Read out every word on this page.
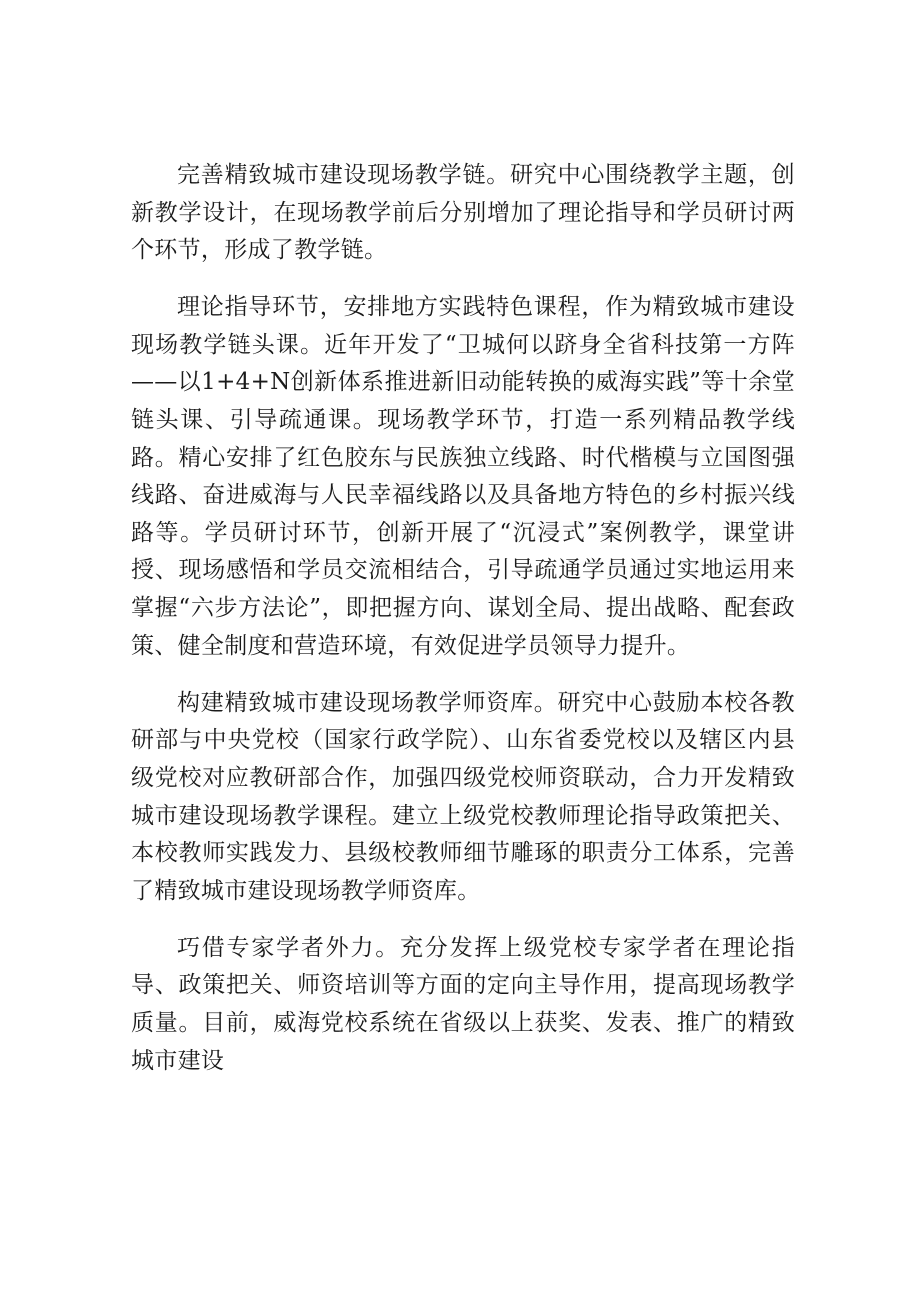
完善精致城市建设现场教学链。研究中心围绕教学主题，创新教学设计，在现场教学前后分别增加了理论指导和学员研讨两个环节，形成了教学链。

理论指导环节，安排地方实践特色课程，作为精致城市建设现场教学链头课。近年开发了“卫城何以跻身全省科技第一方阵——以1+4+N创新体系推进新旧动能转换的威海实践”等十余堂链头课、引导疏通课。现场教学环节，打造一系列精品教学线路。精心安排了红色胶东与民族独立线路、时代楷模与立国图强线路、奋进威海与人民幸福线路以及具备地方特色的乡村振兴线路等。学员研讨环节，创新开展了“沉浸式”案例教学，课堂讲授、现场感悟和学员交流相结合，引导疏通学员通过实地运用来掌握“六步方法论”，即把握方向、谋划全局、提出战略、配套政策、健全制度和营造环境，有效促进学员领导力提升。

构建精致城市建设现场教学师资库。研究中心鼓励本校各教研部与中央党校（国家行政学院）、山东省委党校以及辖区内县级党校对应教研部合作，加强四级党校师资联动，合力开发精致城市建设现场教学课程。建立上级党校教师理论指导政策把关、本校教师实践发力、县级校教师细节雕琢的职责分工体系，完善了精致城市建设现场教学师资库。

巧借专家学者外力。充分发挥上级党校专家学者在理论指导、政策把关、师资培训等方面的定向主导作用，提高现场教学质量。目前，威海党校系统在省级以上获奖、发表、推广的精致城市建设
